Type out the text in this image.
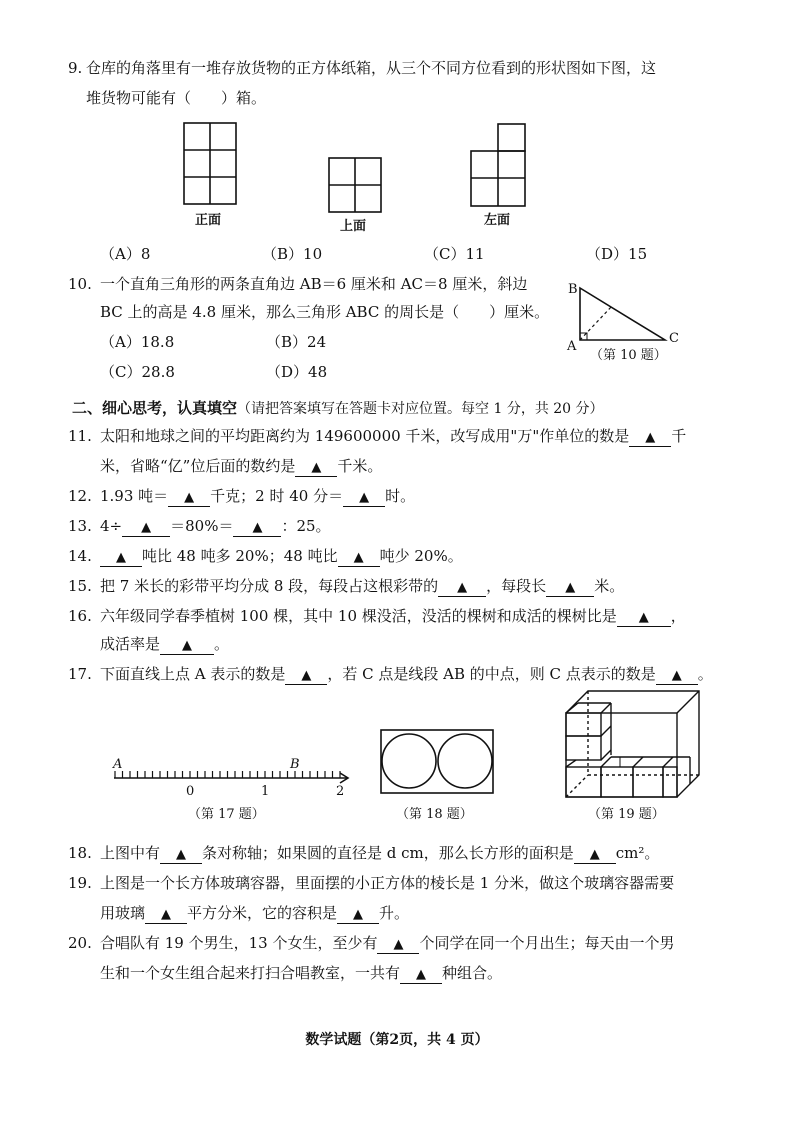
9. 仓库的角落里有一堆存放货物的正方体纸箱，从三个不同方位看到的形状图如下图，这
堆货物可能有（　　）箱。
正面	上面	左面
（A）8	（B）10	（C）11	（D）15
10. 一个直角三角形的两条直角边 AB＝6 厘米和 AC＝8 厘米，斜边
BC 上的高是 4.8 厘米，那么三角形 ABC 的周长是（　　）厘米。
（A）18.8	（B）24
（C）28.8	（D）48
B
A
C
（第 10 题）
二、细心思考，认真填空（请把答案填写在答题卡对应位置。每空 1 分，共 20 分）
11. 太阳和地球之间的平均距离约为 149600000 千米，改写成用"万"作单位的数是 ▲ 千
米，省略“亿”位后面的数约是 ▲ 千米。
12. 1.93 吨＝ ▲ 千克；2 时 40 分＝ ▲ 时。
13. 4÷ ▲ ＝80%＝ ▲ ：25。
14.	▲ 吨比 48 吨多 20%；48 吨比 ▲ 吨少 20%。
15. 把 7 米长的彩带平均分成 8 段，每段占这根彩带的 ▲ ，每段长 ▲ 米。
16. 六年级同学春季植树 100 棵，其中 10 棵没活，没活的棵树和成活的棵树比是 ▲ ，
成活率是 ▲ 。
17. 下面直线上点 A 表示的数是 ▲ ，若 C 点是线段 AB 的中点，则 C 点表示的数是 ▲ 。
A	B
0	1	2
（第 17 题）	（第 18 题）	（第 19 题）
18. 上图中有 ▲ 条对称轴；如果圆的直径是 d cm，那么长方形的面积是 ▲ cm²。
19. 上图是一个长方体玻璃容器，里面摆的小正方体的棱长是 1 分米，做这个玻璃容器需要
用玻璃 ▲ 平方分米，它的容积是 ▲ 升。
20. 合唱队有 19 个男生，13 个女生，至少有 ▲ 个同学在同一个月出生；每天由一个男
生和一个女生组合起来打扫合唱教室，一共有 ▲ 种组合。
数学试题（第2页，共 4 页）
